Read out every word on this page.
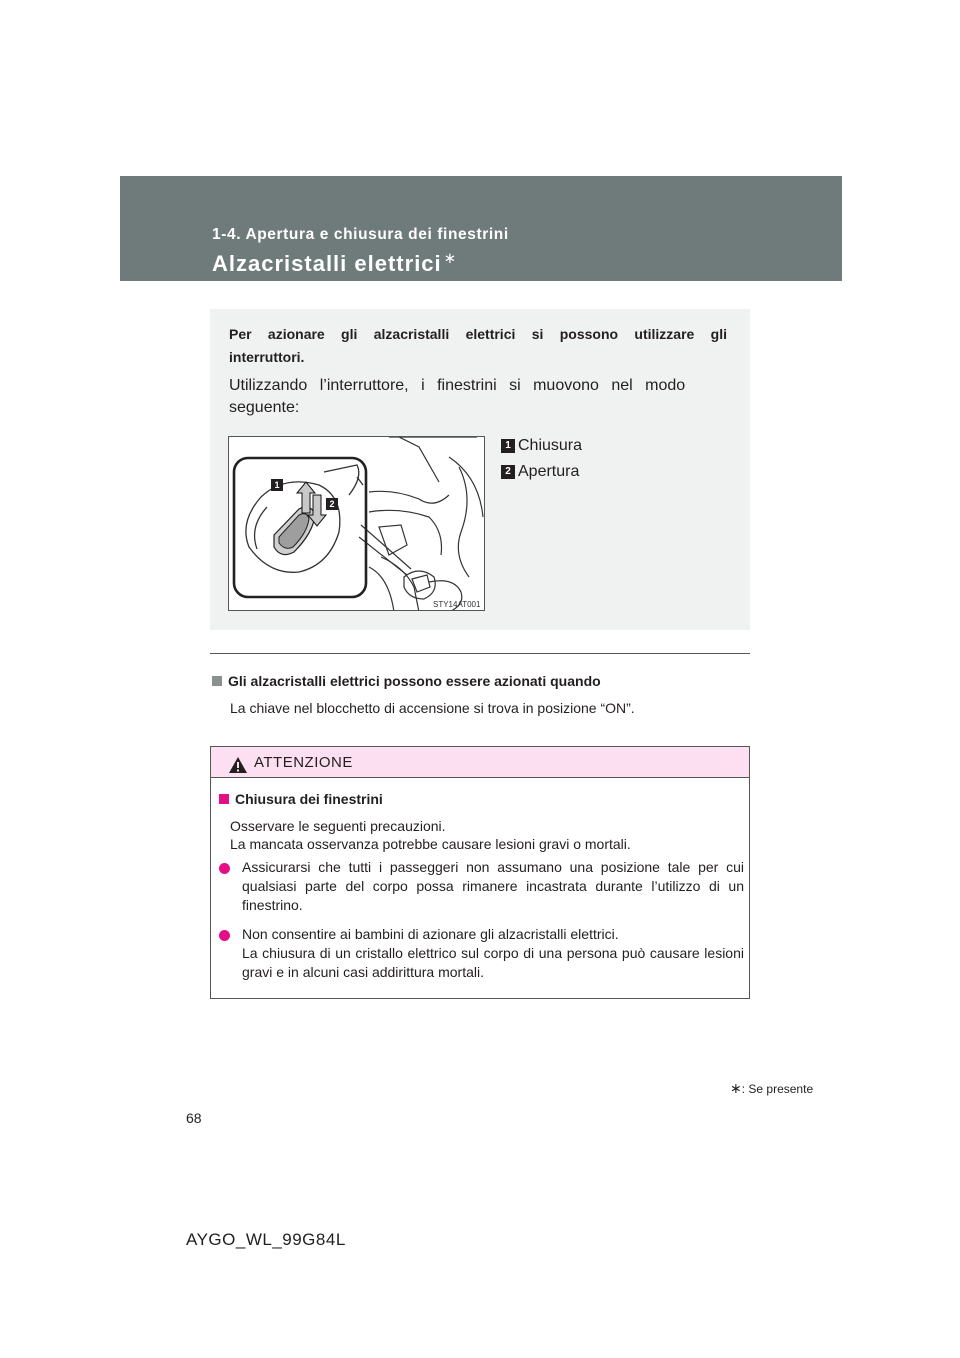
1-4. Apertura e chiusura dei finestrini
Alzacristalli elettrici ∗
Per azionare gli alzacristalli elettrici si possono utilizzare gli interruttori.
Utilizzando l’interruttore, i finestrini si muovono nel modo
seguente:
1 Chiusura
2 Apertura
1
2
STY14AT001
Gli alzacristalli elettrici possono essere azionati quando
La chiave nel blocchetto di accensione si trova in posizione “ON”.
ATTENZIONE
Chiusura dei finestrini
Osservare le seguenti precauzioni.
La mancata osservanza potrebbe causare lesioni gravi o mortali.
Assicurarsi che tutti i passeggeri non assumano una posizione tale per cui qualsiasi parte del corpo possa rimanere incastrata durante l’utilizzo di un finestrino.
Non consentire ai bambini di azionare gli alzacristalli elettrici.
La chiusura di un cristallo elettrico sul corpo di una persona può causare lesioni gravi e in alcuni casi addirittura mortali.
∗: Se presente
68
AYGO_WL_99G84L
